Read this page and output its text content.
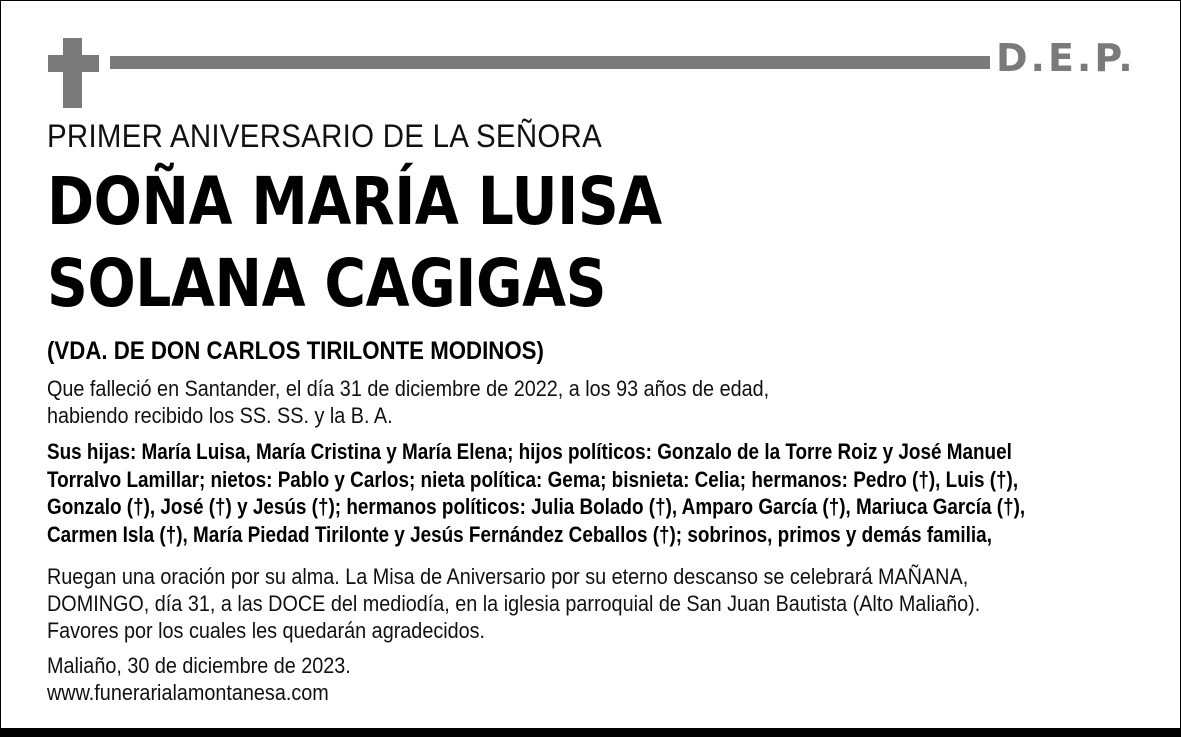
D.E.P.
PRIMER ANIVERSARIO DE LA SEÑORA
DOÑA MARÍA LUISA
SOLANA CAGIGAS
(VDA. DE DON CARLOS TIRILONTE MODINOS)
Que falleció en Santander, el día 31 de diciembre de 2022, a los 93 años de edad,
habiendo recibido los SS. SS. y la B. A.
Sus hijas: María Luisa, María Cristina y María Elena; hijos políticos: Gonzalo de la Torre Roiz y José Manuel
Torralvo Lamillar; nietos: Pablo y Carlos; nieta política: Gema; bisnieta: Celia; hermanos: Pedro (†), Luis (†),
Gonzalo (†), José (†) y Jesús (†); hermanos políticos: Julia Bolado (†), Amparo García (†), Mariuca García (†),
Carmen Isla (†), María Piedad Tirilonte y Jesús Fernández Ceballos (†); sobrinos, primos y demás familia,
Ruegan una oración por su alma. La Misa de Aniversario por su eterno descanso se celebrará MAÑANA,
DOMINGO, día 31, a las DOCE del mediodía, en la iglesia parroquial de San Juan Bautista (Alto Maliaño).
Favores por los cuales les quedarán agradecidos.
Maliaño, 30 de diciembre de 2023.
www.funerarialamontanesa.com
